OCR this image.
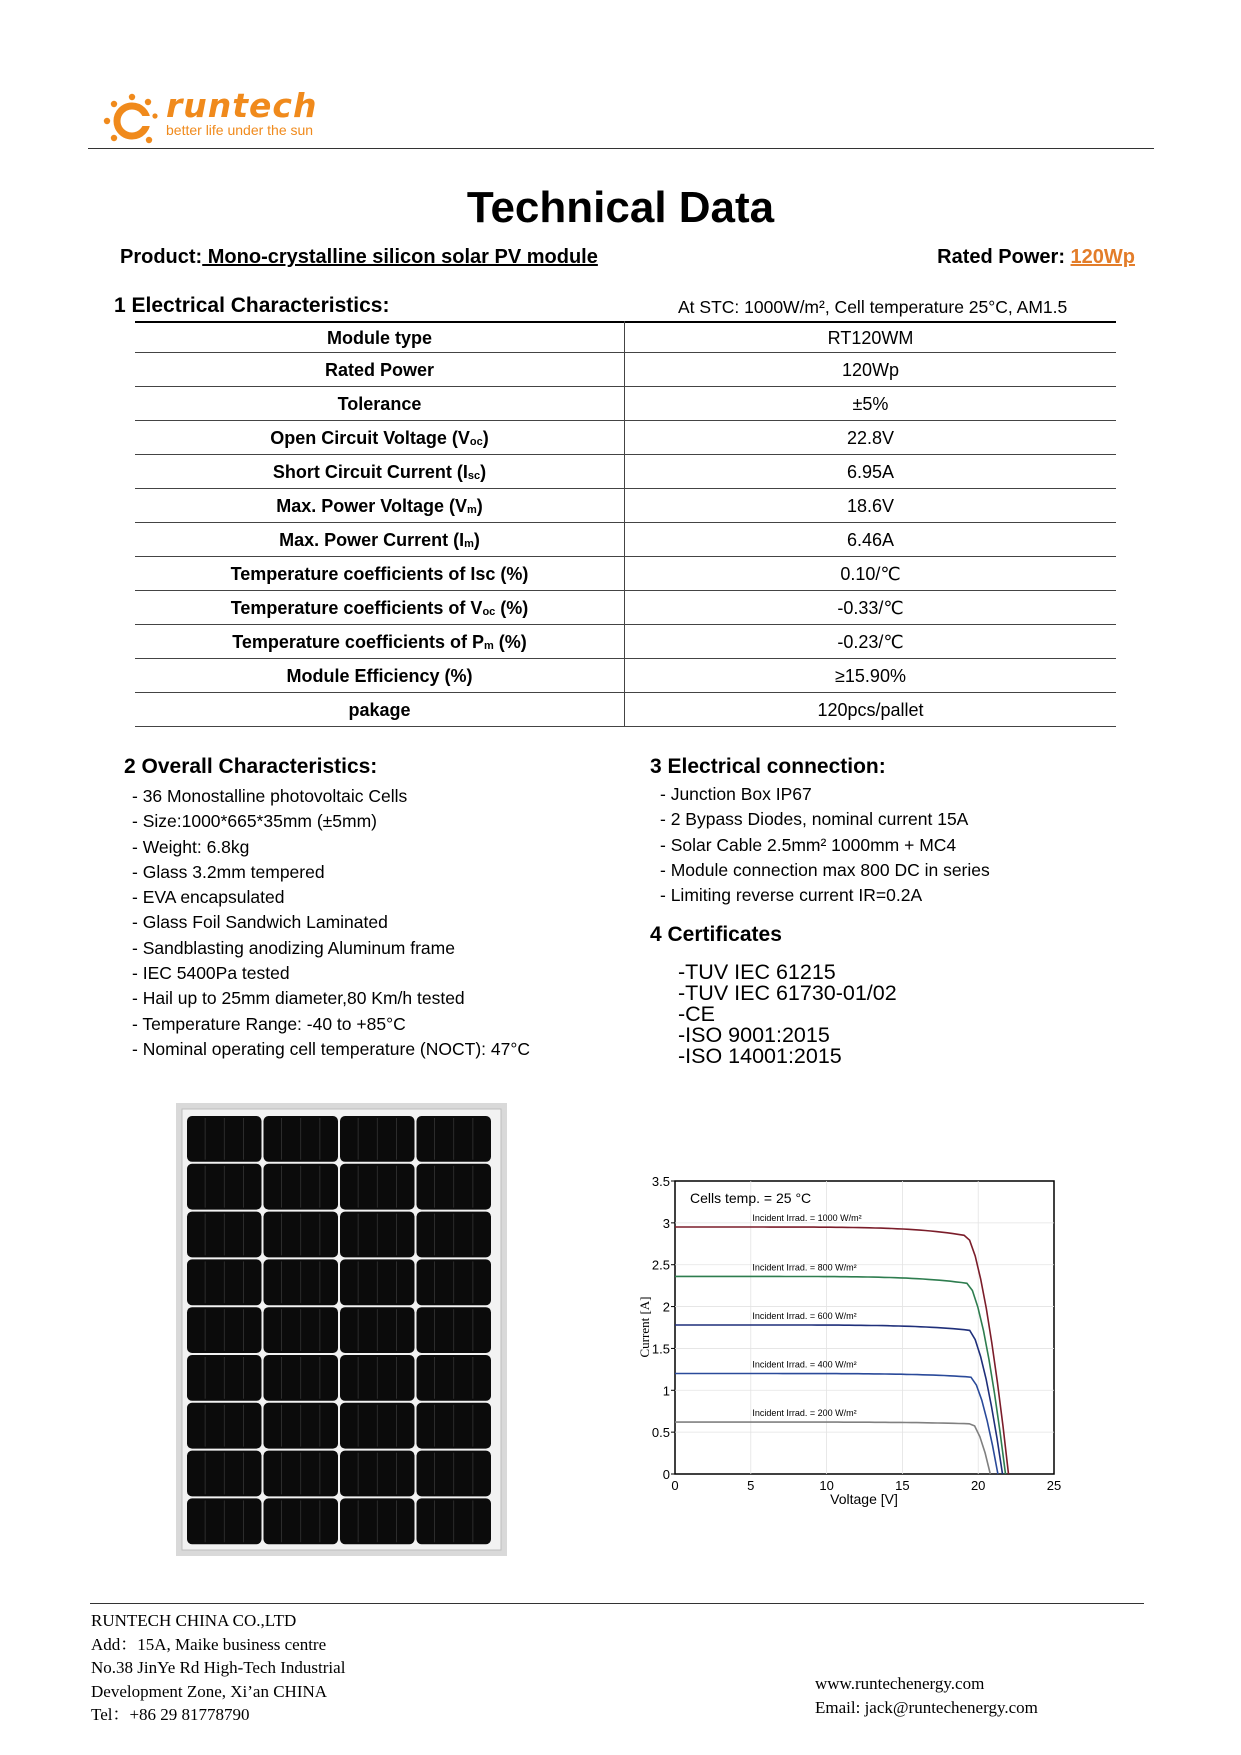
runtech
better life under the sun
Technical Data
Product: Mono-crystalline silicon solar PV module	Rated Power: 120Wp
1 Electrical Characteristics:	At STC: 1000W/m², Cell temperature 25°C, AM1.5
Module type	RT120WM
Rated Power	120Wp
Tolerance	±5%
Open Circuit Voltage $(V_{oc})$	22.8V
Short Circuit Current $(I_{sc})$	6.95A
Max. Power Voltage $(V_m)$	18.6V
Max. Power Current $(I_m)$	6.46A
Temperature coefficients of Isc (%)	0.10/℃
Temperature coefficients of $V_{oc}$ (%)	-0.33/℃
Temperature coefficients of $P_m$ (%)	-0.23/℃
Module Efficiency (%)	≥15.90%
pakage	120pcs/pallet
2 Overall Characteristics:
- 36 Monostalline photovoltaic Cells
- Size:1000*665*35mm (±5mm)
- Weight: 6.8kg
- Glass 3.2mm tempered
- EVA encapsulated
- Glass Foil Sandwich Laminated
- Sandblasting anodizing Aluminum frame
- IEC 5400Pa tested
- Hail up to 25mm diameter,80 Km/h tested
- Temperature Range: -40 to +85°C
- Nominal operating cell temperature (NOCT): 47°C
3 Electrical connection:
- Junction Box IP67
- 2 Bypass Diodes, nominal current 15A
- Solar Cable 2.5mm² 1000mm + MC4
- Module connection max 800 DC in series
- Limiting reverse current IR=0.2A
4 Certificates
-TUV IEC 61215
-TUV IEC 61730-01/02
-CE
-ISO 9001:2015
-ISO 14001:2015
0	5	10	15	20	25
0
0.5
1
1.5
2
2.5
3
3.5
Incident Irrad. = 1000 W/m²
Incident Irrad. = 800 W/m²
Incident Irrad. = 600 W/m²
Incident Irrad. = 400 W/m²
Incident Irrad. = 200 W/m²
Cells temp. = 25 °C
Voltage [V]
Current [A]
RUNTECH CHINA CO.,LTD
Add：15A, Maike business centre
No.38 JinYe Rd High-Tech Industrial
Development Zone, Xi’an CHINA
Tel：+86 29 81778790
www.runtechenergy.com
Email: jack@runtechenergy.com
